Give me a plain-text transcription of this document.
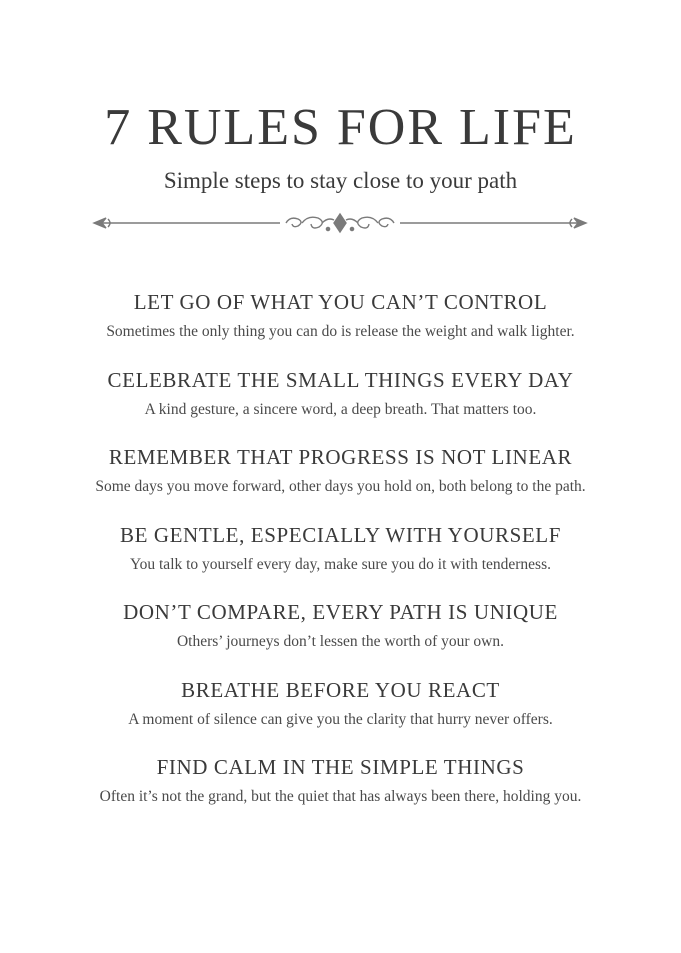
7 RULES FOR LIFE
Simple steps to stay close to your path
LET GO OF WHAT YOU CAN’T CONTROL
Sometimes the only thing you can do is release the weight and walk lighter.
CELEBRATE THE SMALL THINGS EVERY DAY
A kind gesture, a sincere word, a deep breath. That matters too.
REMEMBER THAT PROGRESS IS NOT LINEAR
Some days you move forward, other days you hold on, both belong to the path.
BE GENTLE, ESPECIALLY WITH YOURSELF
You talk to yourself every day, make sure you do it with tenderness.
DON’T COMPARE, EVERY PATH IS UNIQUE
Others’ journeys don’t lessen the worth of your own.
BREATHE BEFORE YOU REACT
A moment of silence can give you the clarity that hurry never offers.
FIND CALM IN THE SIMPLE THINGS
Often it’s not the grand, but the quiet that has always been there, holding you.
